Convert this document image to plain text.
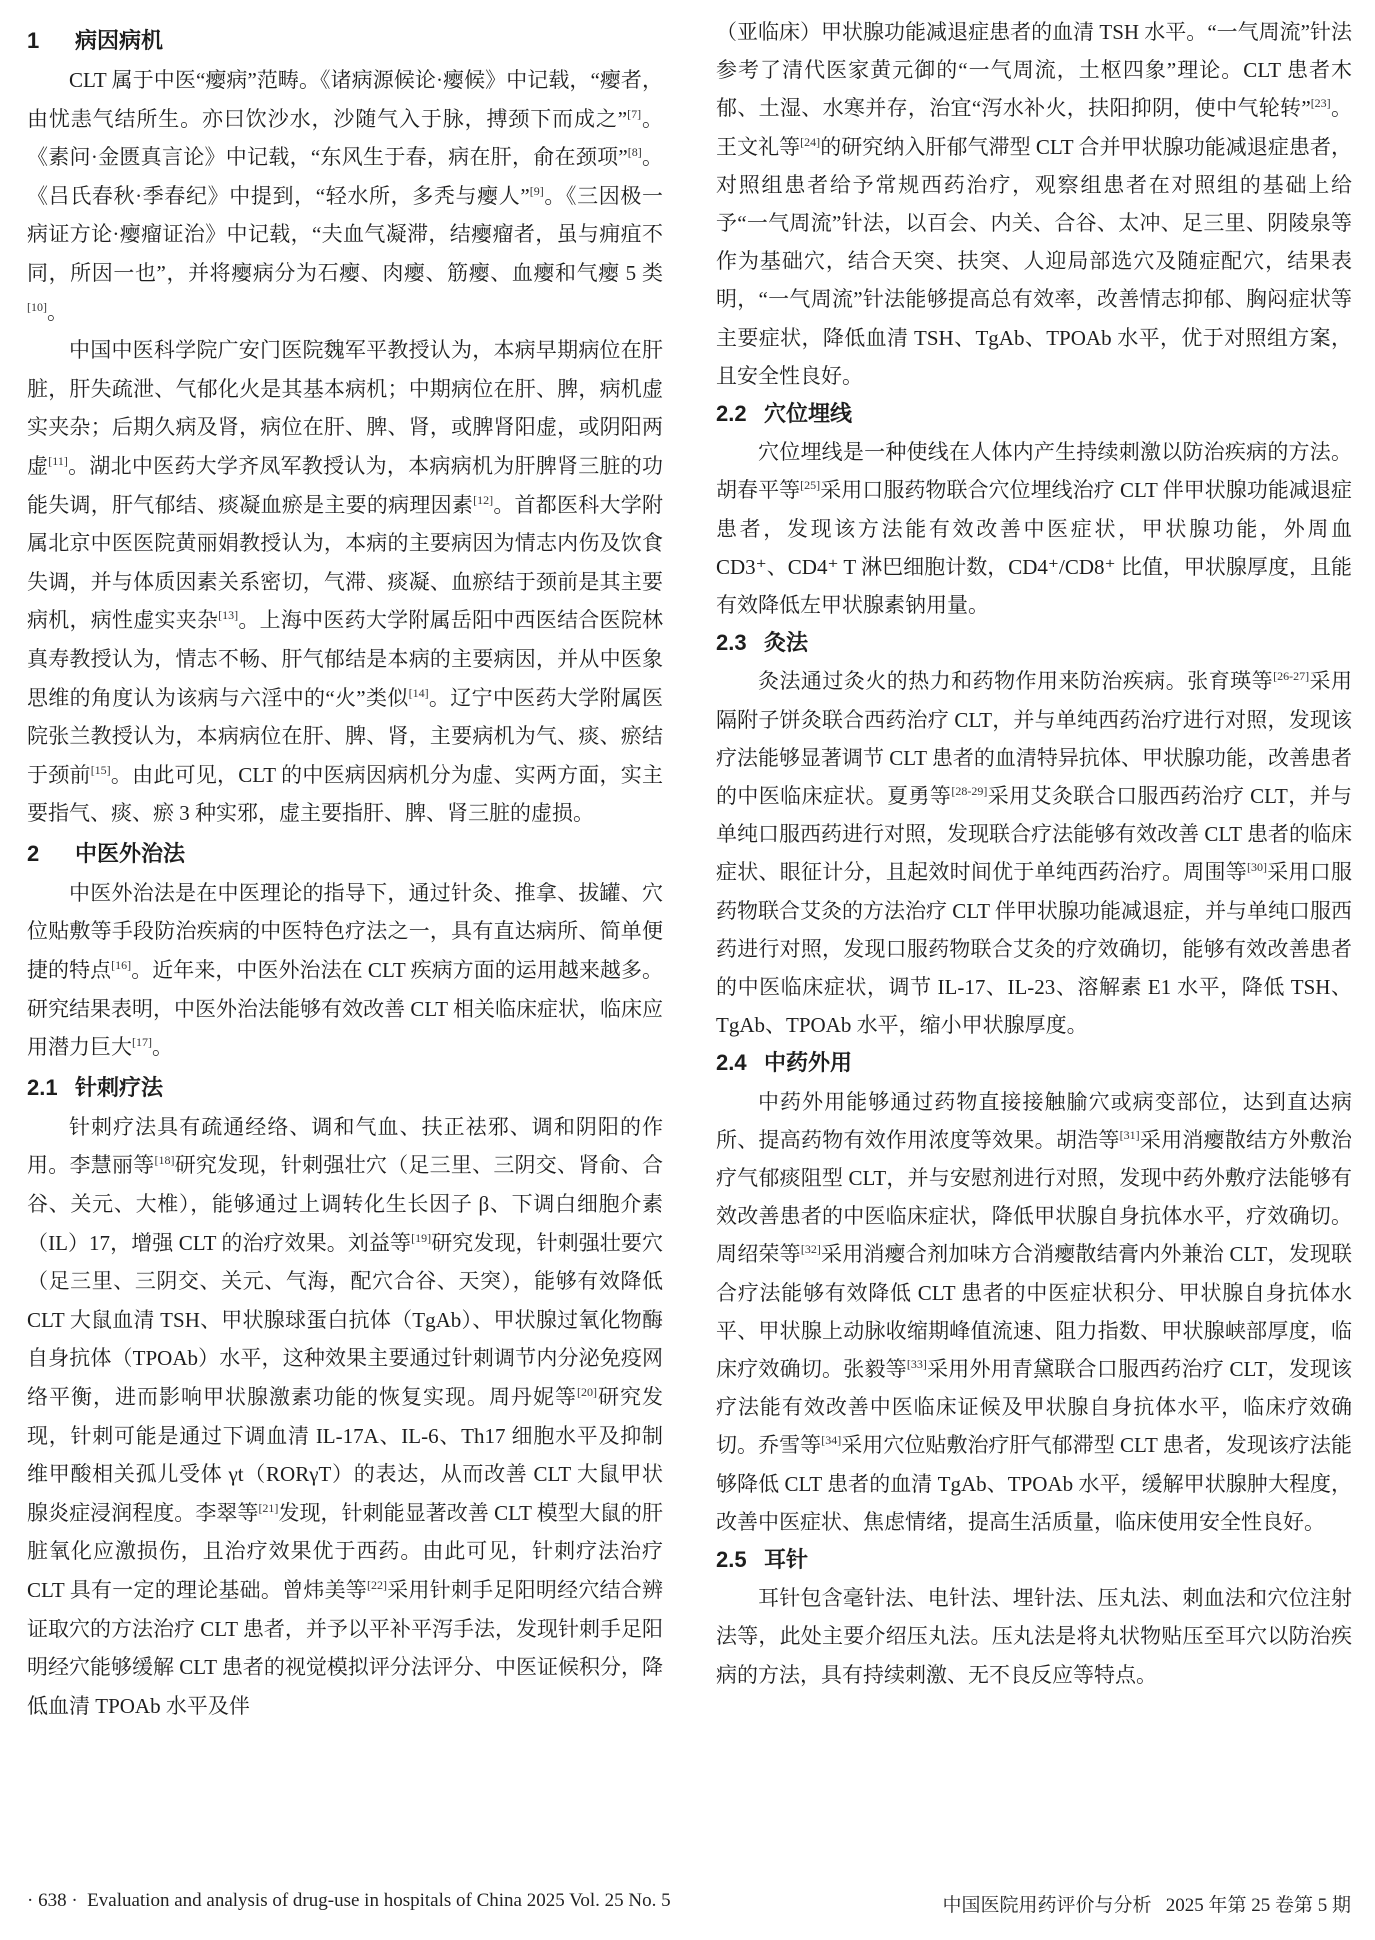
1 病因病机

CLT 属于中医“瘿病”范畴。《诸病源候论·瘿候》中记载，“瘿者，由忧恚气结所生。亦曰饮沙水，沙随气入于脉，搏颈下而成之”[7]。《素问·金匮真言论》中记载，“东风生于春，病在肝，俞在颈项”[8]。《吕氏春秋·季春纪》中提到，“轻水所，多秃与瘿人”[9]。《三因极一病证方论·瘿瘤证治》中记载，“夫血气凝滞，结瘿瘤者，虽与痈疽不同，所因一也”，并将瘿病分为石瘿、肉瘿、筋瘿、血瘿和气瘿 5 类[10]。

中国中医科学院广安门医院魏军平教授认为，本病早期病位在肝脏，肝失疏泄、气郁化火是其基本病机；中期病位在肝、脾，病机虚实夹杂；后期久病及肾，病位在肝、脾、肾，或脾肾阳虚，或阴阳两虚[11]。湖北中医药大学齐凤军教授认为，本病病机为肝脾肾三脏的功能失调，肝气郁结、痰凝血瘀是主要的病理因素[12]。首都医科大学附属北京中医医院黄丽娟教授认为，本病的主要病因为情志内伤及饮食失调，并与体质因素关系密切，气滞、痰凝、血瘀结于颈前是其主要病机，病性虚实夹杂[13]。上海中医药大学附属岳阳中西医结合医院林真寿教授认为，情志不畅、肝气郁结是本病的主要病因，并从中医象思维的角度认为该病与六淫中的“火”类似[14]。辽宁中医药大学附属医院张兰教授认为，本病病位在肝、脾、肾，主要病机为气、痰、瘀结于颈前[15]。由此可见，CLT 的中医病因病机分为虚、实两方面，实主要指气、痰、瘀 3 种实邪，虚主要指肝、脾、肾三脏的虚损。

2 中医外治法

中医外治法是在中医理论的指导下，通过针灸、推拿、拔罐、穴位贴敷等手段防治疾病的中医特色疗法之一，具有直达病所、简单便捷的特点[16]。近年来，中医外治法在 CLT 疾病方面的运用越来越多。研究结果表明，中医外治法能够有效改善 CLT 相关临床症状，临床应用潜力巨大[17]。

2.1 针刺疗法

针刺疗法具有疏通经络、调和气血、扶正祛邪、调和阴阳的作用。李慧丽等[18]研究发现，针刺强壮穴（足三里、三阴交、肾俞、合谷、关元、大椎），能够通过上调转化生长因子 β、下调白细胞介素（IL）17，增强 CLT 的治疗效果。刘益等[19]研究发现，针刺强壮要穴（足三里、三阴交、关元、气海，配穴合谷、天突），能够有效降低 CLT 大鼠血清 TSH、甲状腺球蛋白抗体（TgAb）、甲状腺过氧化物酶自身抗体（TPOAb）水平，这种效果主要通过针刺调节内分泌免疫网络平衡，进而影响甲状腺激素功能的恢复实现。周丹妮等[20]研究发现，针刺可能是通过下调血清 IL-17A、IL-6、Th17 细胞水平及抑制维甲酸相关孤儿受体 γt（RORγT）的表达，从而改善 CLT 大鼠甲状腺炎症浸润程度。李翠等[21]发现，针刺能显著改善 CLT 模型大鼠的肝脏氧化应激损伤，且治疗效果优于西药。由此可见，针刺疗法治疗 CLT 具有一定的理论基础。曾炜美等[22]采用针刺手足阳明经穴结合辨证取穴的方法治疗 CLT 患者，并予以平补平泻手法，发现针刺手足阳明经穴能够缓解 CLT 患者的视觉模拟评分法评分、中医证候积分，降低血清 TPOAb 水平及伴

（亚临床）甲状腺功能减退症患者的血清 TSH 水平。“一气周流”针法参考了清代医家黄元御的“一气周流，土枢四象”理论。CLT 患者木郁、土湿、水寒并存，治宜“泻水补火，扶阳抑阴，使中气轮转”[23]。王文礼等[24]的研究纳入肝郁气滞型 CLT 合并甲状腺功能减退症患者，对照组患者给予常规西药治疗，观察组患者在对照组的基础上给予“一气周流”针法，以百会、内关、合谷、太冲、足三里、阴陵泉等作为基础穴，结合天突、扶突、人迎局部选穴及随症配穴，结果表明，“一气周流”针法能够提高总有效率，改善情志抑郁、胸闷症状等主要症状，降低血清 TSH、TgAb、TPOAb 水平，优于对照组方案，且安全性良好。

2.2 穴位埋线

穴位埋线是一种使线在人体内产生持续刺激以防治疾病的方法。胡春平等[25]采用口服药物联合穴位埋线治疗 CLT 伴甲状腺功能减退症患者，发现该方法能有效改善中医症状，甲状腺功能，外周血 CD3⁺、CD4⁺ T 淋巴细胞计数，CD4⁺/CD8⁺ 比值，甲状腺厚度，且能有效降低左甲状腺素钠用量。

2.3 灸法

灸法通过灸火的热力和药物作用来防治疾病。张育瑛等[26-27]采用隔附子饼灸联合西药治疗 CLT，并与单纯西药治疗进行对照，发现该疗法能够显著调节 CLT 患者的血清特异抗体、甲状腺功能，改善患者的中医临床症状。夏勇等[28-29]采用艾灸联合口服西药治疗 CLT，并与单纯口服西药进行对照，发现联合疗法能够有效改善 CLT 患者的临床症状、眼征计分，且起效时间优于单纯西药治疗。周围等[30]采用口服药物联合艾灸的方法治疗 CLT 伴甲状腺功能减退症，并与单纯口服西药进行对照，发现口服药物联合艾灸的疗效确切，能够有效改善患者的中医临床症状，调节 IL-17、IL-23、溶解素 E1 水平，降低 TSH、TgAb、TPOAb 水平，缩小甲状腺厚度。

2.4 中药外用

中药外用能够通过药物直接接触腧穴或病变部位，达到直达病所、提高药物有效作用浓度等效果。胡浩等[31]采用消瘿散结方外敷治疗气郁痰阻型 CLT，并与安慰剂进行对照，发现中药外敷疗法能够有效改善患者的中医临床症状，降低甲状腺自身抗体水平，疗效确切。周绍荣等[32]采用消瘿合剂加味方合消瘿散结膏内外兼治 CLT，发现联合疗法能够有效降低 CLT 患者的中医症状积分、甲状腺自身抗体水平、甲状腺上动脉收缩期峰值流速、阻力指数、甲状腺峡部厚度，临床疗效确切。张毅等[33]采用外用青黛联合口服西药治疗 CLT，发现该疗法能有效改善中医临床证候及甲状腺自身抗体水平，临床疗效确切。乔雪等[34]采用穴位贴敷治疗肝气郁滞型 CLT 患者，发现该疗法能够降低 CLT 患者的血清 TgAb、TPOAb 水平，缓解甲状腺肿大程度，改善中医症状、焦虑情绪，提高生活质量，临床使用安全性良好。

2.5 耳针

耳针包含毫针法、电针法、埋针法、压丸法、刺血法和穴位注射法等，此处主要介绍压丸法。压丸法是将丸状物贴压至耳穴以防治疾病的方法，具有持续刺激、无不良反应等特点。

· 638 ·  Evaluation and analysis of drug-use in hospitals of China 2025 Vol. 25 No. 5	中国医院用药评价与分析   2025 年第 25 卷第 5 期
